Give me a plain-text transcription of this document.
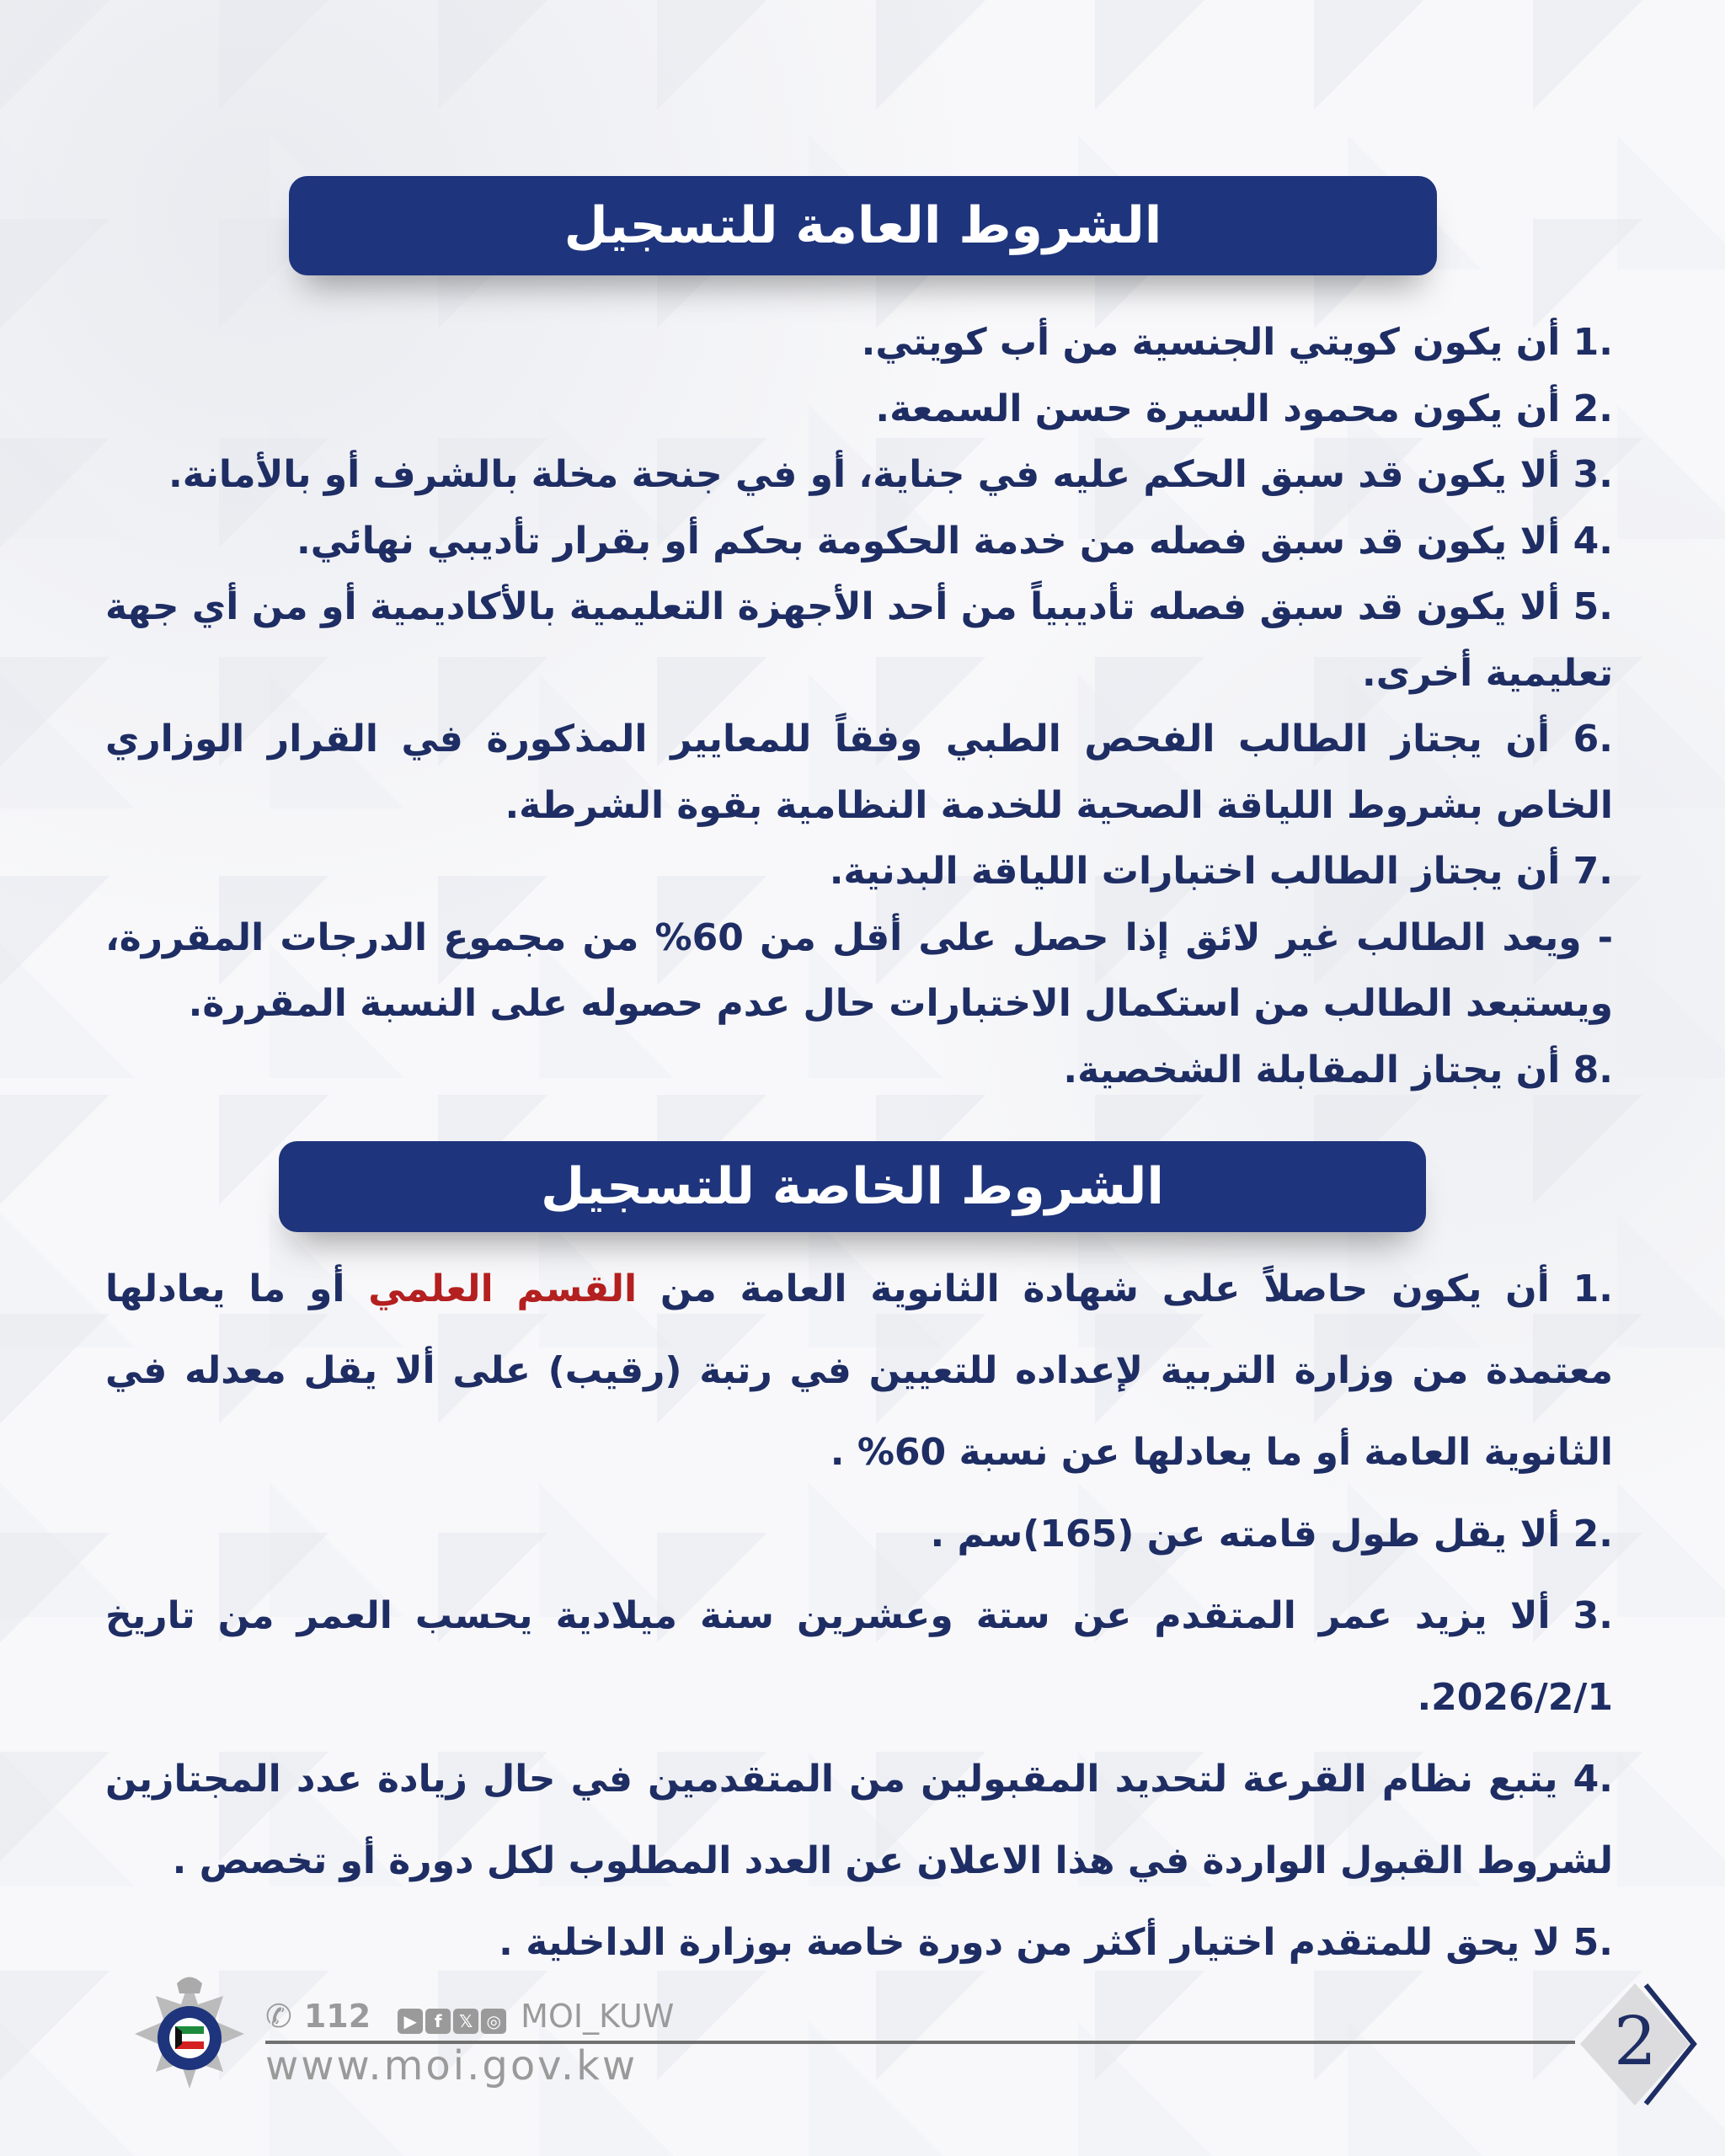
الشروط العامة للتسجيل
1. أن يكون كويتي الجنسية من أب كويتي.
2. أن يكون محمود السيرة حسن السمعة.
3. ألا يكون قد سبق الحكم عليه في جناية، أو في جنحة مخلة بالشرف أو بالأمانة.
4. ألا يكون قد سبق فصله من خدمة الحكومة بحكم أو بقرار تأديبي نهائي.
5. ألا يكون قد سبق فصله تأديبياً من أحد الأجهزة التعليمية بالأكاديمية أو من أي جهة تعليمية أخرى.
6. أن يجتاز الطالب الفحص الطبي وفقاً للمعايير المذكورة في القرار الوزاري الخاص بشروط اللياقة الصحية للخدمة النظامية بقوة الشرطة.
7. أن يجتاز الطالب اختبارات اللياقة البدنية.
- ويعد الطالب غير لائق إذا حصل على أقل من 60% من مجموع الدرجات المقررة، ويستبعد الطالب من استكمال الاختبارات حال عدم حصوله على النسبة المقررة.
8. أن يجتاز المقابلة الشخصية.
الشروط الخاصة للتسجيل
1. أن يكون حاصلاً على شهادة الثانوية العامة من القسم العلمي أو ما يعادلها معتمدة من وزارة التربية لإعداده للتعيين في رتبة (رقيب) على ألا يقل معدله في الثانوية العامة أو ما يعادلها عن نسبة 60% .
2. ألا يقل طول قامته عن (165)سم .
3. ألا يزيد عمر المتقدم عن ستة وعشرين سنة ميلادية يحسب العمر من تاريخ 2026/2/1.
4. يتبع نظام القرعة لتحديد المقبولين من المتقدمين في حال زيادة عدد المجتازين لشروط القبول الواردة في هذا الاعلان عن العدد المطلوب لكل دورة أو تخصص .
5. لا يحق للمتقدم اختيار أكثر من دورة خاصة بوزارة الداخلية .
✆ 112	▶ f 𝕏 ◎ MOI_KUW
www.moi.gov.kw	2
